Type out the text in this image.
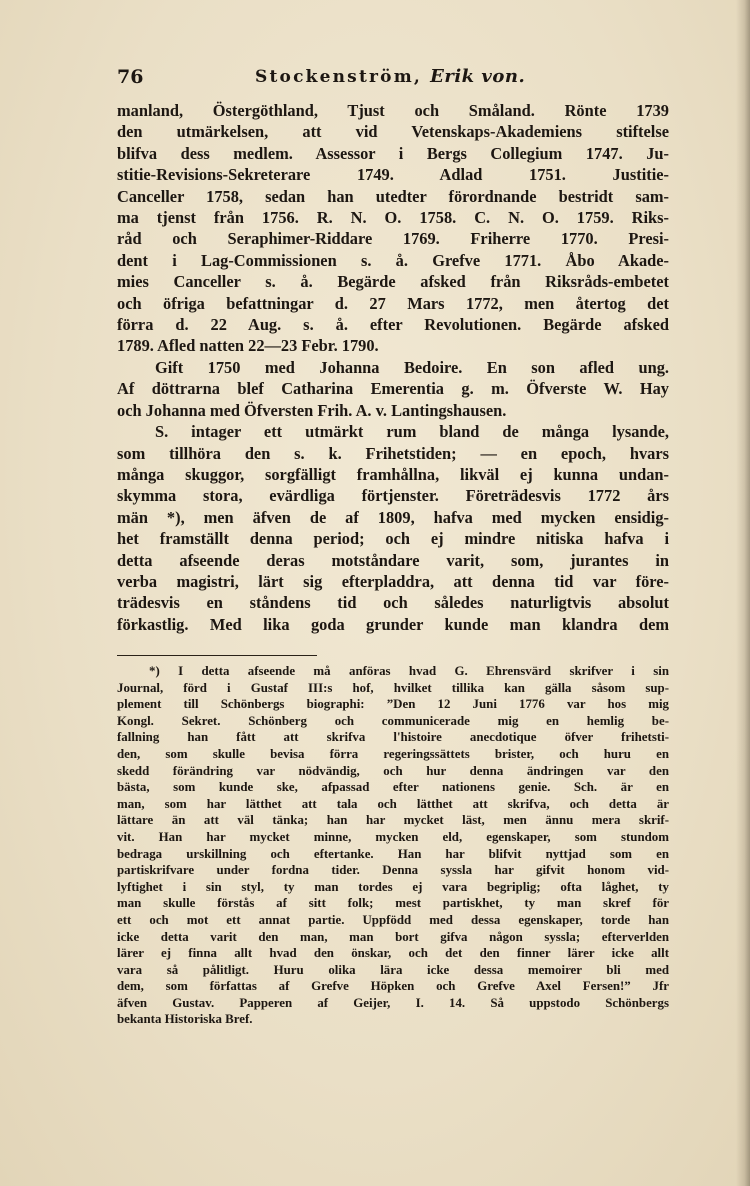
76	Stockenström, Erik von.
manland, Östergöthland, Tjust och Småland. Rönte 1739
den utmärkelsen, att vid Vetenskaps-Akademiens stiftelse
blifva dess medlem. Assessor i Bergs Collegium 1747. Ju-
stitie-Revisions-Sekreterare 1749. Adlad 1751. Justitie-
Canceller 1758, sedan han utedter förordnande bestridt sam-
ma tjenst från 1756. R. N. O. 1758. C. N. O. 1759. Riks-
råd och Seraphimer-Riddare 1769. Friherre 1770. Presi-
dent i Lag-Commissionen s. å. Grefve 1771. Åbo Akade-
mies Canceller s. å. Begärde afsked från Riksråds-embetet
och öfriga befattningar d. 27 Mars 1772, men återtog det
förra d. 22 Aug. s. å. efter Revolutionen. Begärde afsked
1789. Afled natten 22—23 Febr. 1790.
Gift 1750 med Johanna Bedoire. En son afled ung.
Af döttrarna blef Catharina Emerentia g. m. Öfverste W. Hay
och Johanna med Öfversten Frih. A. v. Lantingshausen.
S. intager ett utmärkt rum bland de många lysande,
som tillhöra den s. k. Frihetstiden; — en epoch, hvars
många skuggor, sorgfälligt framhållna, likväl ej kunna undan-
skymma stora, evärdliga förtjenster. Företrädesvis 1772 års
män *), men äfven de af 1809, hafva med mycken ensidig-
het framställt denna period; och ej mindre nitiska hafva i
detta afseende deras motståndare varit, som, jurantes in
verba magistri, lärt sig efterpladdra, att denna tid var före-
trädesvis en ståndens tid och således naturligtvis absolut
förkastlig. Med lika goda grunder kunde man klandra dem
*) I detta afseende må anföras hvad G. Ehrensvärd skrifver i sin
Journal, förd i Gustaf III:s hof, hvilket tillika kan gälla såsom sup-
plement till Schönbergs biographi: ”Den 12 Juni 1776 var hos mig
Kongl. Sekret. Schönberg och communicerade mig en hemlig be-
fallning han fått att skrifva l'histoire anecdotique öfver frihetsti-
den, som skulle bevisa förra regeringssättets brister, och huru en
skedd förändring var nödvändig, och hur denna ändringen var den
bästa, som kunde ske, afpassad efter nationens genie. Sch. är en
man, som har lätthet att tala och lätthet att skrifva, och detta är
lättare än att väl tänka; han har mycket läst, men ännu mera skrif-
vit. Han har mycket minne, mycken eld, egenskaper, som stundom
bedraga urskillning och eftertanke. Han har blifvit nyttjad som en
partiskrifvare under fordna tider. Denna syssla har gifvit honom vid-
lyftighet i sin styl, ty man tordes ej vara begriplig; ofta låghet, ty
man skulle förstås af sitt folk; mest partiskhet, ty man skref för
ett och mot ett annat partie. Uppfödd med dessa egenskaper, torde han
icke detta varit den man, man bort gifva någon syssla; efterverlden
lärer ej finna allt hvad den önskar, och det den finner lärer icke allt
vara så pålitligt. Huru olika lära icke dessa memoirer bli med
dem, som författas af Grefve Höpken och Grefve Axel Fersen!” Jfr
äfven Gustav. Papperen af Geijer, I. 14. Så uppstodo Schönbergs
bekanta Historiska Bref.
